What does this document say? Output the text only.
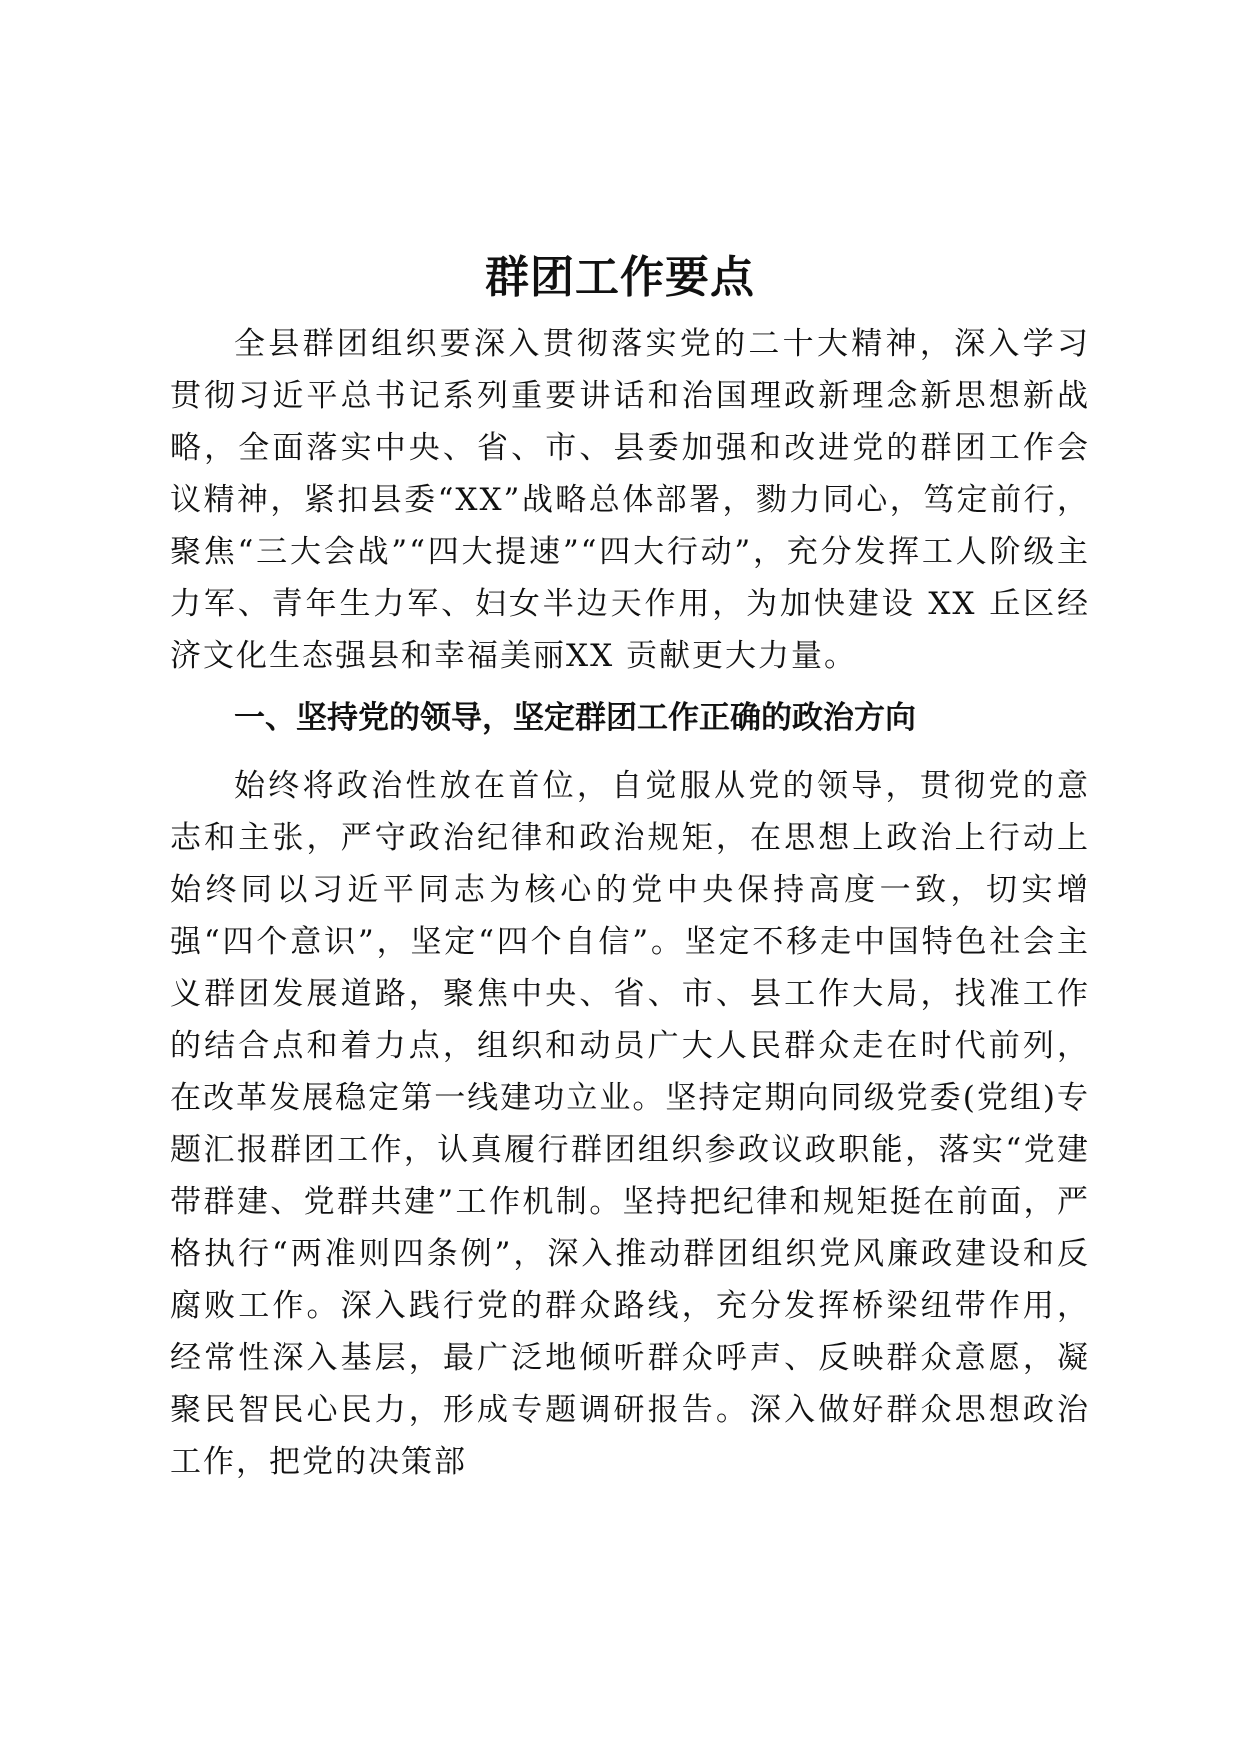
群团工作要点

全县群团组织要深入贯彻落实党的二十大精神，深入学习贯彻习近平总书记系列重要讲话和治国理政新理念新思想新战略，全面落实中央、省、市、县委加强和改进党的群团工作会议精神，紧扣县委“XX”战略总体部署，勠力同心，笃定前行，聚焦“三大会战”“四大提速”“四大行动”，充分发挥工人阶级主力军、青年生力军、妇女半边天作用，为加快建设 XX 丘区经济文化生态强县和幸福美丽XX 贡献更大力量。

一、坚持党的领导，坚定群团工作正确的政治方向

始终将政治性放在首位，自觉服从党的领导，贯彻党的意志和主张，严守政治纪律和政治规矩，在思想上政治上行动上始终同以习近平同志为核心的党中央保持高度一致，切实增强“四个意识”，坚定“四个自信”。坚定不移走中国特色社会主义群团发展道路，聚焦中央、省、市、县工作大局，找准工作的结合点和着力点，组织和动员广大人民群众走在时代前列，在改革发展稳定第一线建功立业。坚持定期向同级党委(党组)专题汇报群团工作，认真履行群团组织参政议政职能，落实“党建带群建、党群共建”工作机制。坚持把纪律和规矩挺在前面，严格执行“两准则四条例”，深入推动群团组织党风廉政建设和反腐败工作。深入践行党的群众路线，充分发挥桥梁纽带作用，经常性深入基层，最广泛地倾听群众呼声、反映群众意愿，凝聚民智民心民力，形成专题调研报告。深入做好群众思想政治工作，把党的决策部
